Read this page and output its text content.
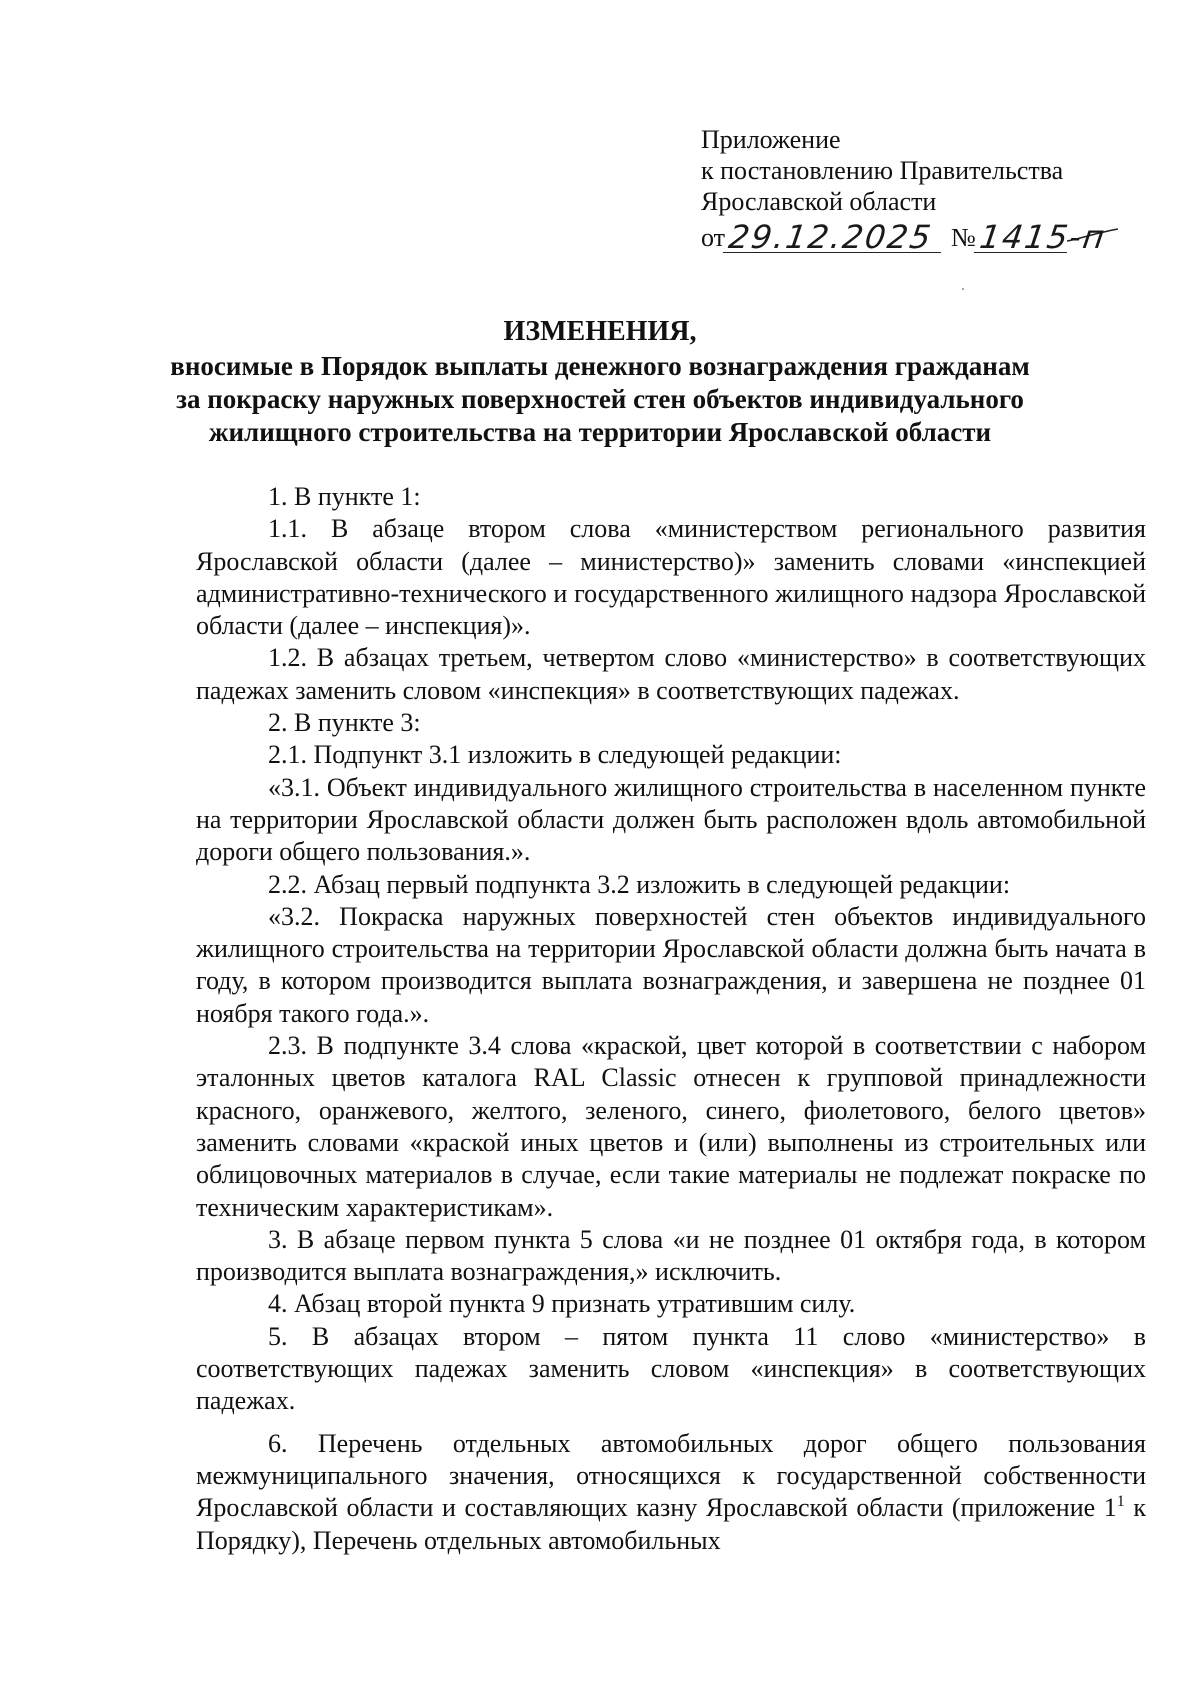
Приложение
к постановлению Правительства
Ярославской области
от 29.12.2025 № 1415-п
ИЗМЕНЕНИЯ,
вносимые в Порядок выплаты денежного вознаграждения гражданам
за покраску наружных поверхностей стен объектов индивидуального
жилищного строительства на территории Ярославской области

1. В пункте 1:

1.1. В абзаце втором слова «министерством регионального развития Ярославской области (далее – министерство)» заменить словами «инспекцией административно-технического и государственного жилищного надзора Ярославской области (далее – инспекция)».

1.2. В абзацах третьем, четвертом слово «министерство» в соответствующих падежах заменить словом «инспекция» в соответствующих падежах.

2. В пункте 3:

2.1. Подпункт 3.1 изложить в следующей редакции:

«3.1. Объект индивидуального жилищного строительства в населенном пункте на территории Ярославской области должен быть расположен вдоль автомобильной дороги общего пользования.».

2.2. Абзац первый подпункта 3.2 изложить в следующей редакции:

«3.2. Покраска наружных поверхностей стен объектов индивидуального жилищного строительства на территории Ярославской области должна быть начата в году, в котором производится выплата вознаграждения, и завершена не позднее 01 ноября такого года.».

2.3. В подпункте 3.4 слова «краской, цвет которой в соответствии с набором эталонных цветов каталога RAL Classic отнесен к групповой принадлежности красного, оранжевого, желтого, зеленого, синего, фиолетового, белого цветов» заменить словами «краской иных цветов и (или) выполнены из строительных или облицовочных материалов в случае, если такие материалы не подлежат покраске по техническим характеристикам».

3. В абзаце первом пункта 5 слова «и не позднее 01 октября года, в котором производится выплата вознаграждения,» исключить.

4. Абзац второй пункта 9 признать утратившим силу.

5. В абзацах втором – пятом пункта 11 слово «министерство» в соответствующих падежах заменить словом «инспекция» в соответствующих падежах.

6. Перечень отдельных автомобильных дорог общего пользования межмуниципального значения, относящихся к государственной собственности Ярославской области и составляющих казну Ярославской области (приложение $1^1$ к Порядку), Перечень отдельных автомобильных
